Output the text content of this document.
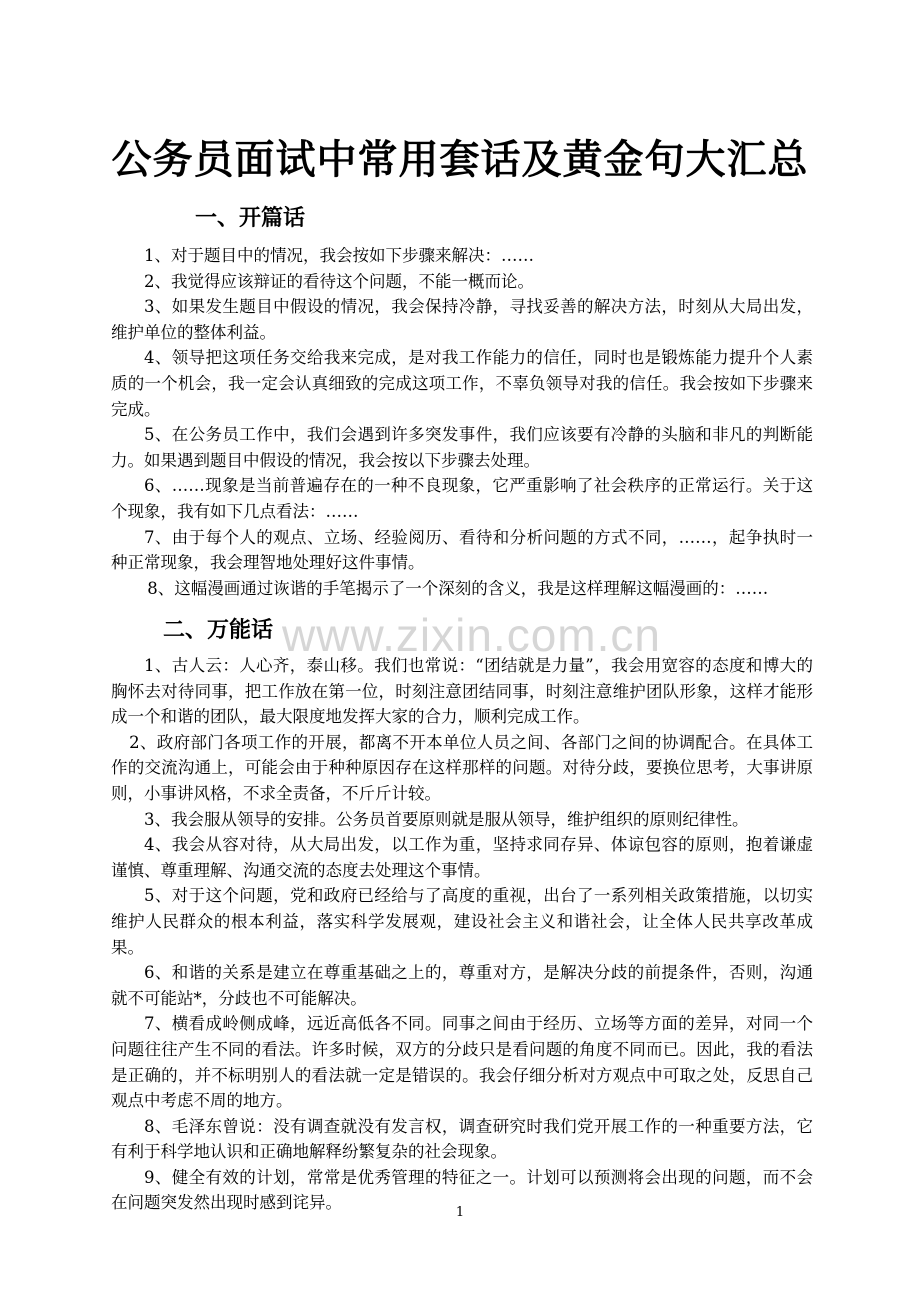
公务员面试中常用套话及黄金句大汇总
一、开篇话

1、对于题目中的情况，我会按如下步骤来解决：……

2、我觉得应该辩证的看待这个问题，不能一概而论。

3、如果发生题目中假设的情况，我会保持冷静，寻找妥善的解决方法，时刻从大局出发，维护单位的整体利益。

4、领导把这项任务交给我来完成，是对我工作能力的信任，同时也是锻炼能力提升个人素质的一个机会，我一定会认真细致的完成这项工作，不辜负领导对我的信任。我会按如下步骤来完成。

5、在公务员工作中，我们会遇到许多突发事件，我们应该要有冷静的头脑和非凡的判断能力。如果遇到题目中假设的情况，我会按以下步骤去处理。

6、……现象是当前普遍存在的一种不良现象，它严重影响了社会秩序的正常运行。关于这个现象，我有如下几点看法：……

7、由于每个人的观点、立场、经验阅历、看待和分析问题的方式不同，……，起争执时一种正常现象，我会理智地处理好这件事情。

8、这幅漫画通过诙谐的手笔揭示了一个深刻的含义，我是这样理解这幅漫画的：……

www.zixin.com.cn
二、万能话

1、古人云：人心齐，泰山移。我们也常说：“团结就是力量”，我会用宽容的态度和博大的胸怀去对待同事，把工作放在第一位，时刻注意团结同事，时刻注意维护团队形象，这样才能形成一个和谐的团队，最大限度地发挥大家的合力，顺利完成工作。

2、政府部门各项工作的开展，都离不开本单位人员之间、各部门之间的协调配合。在具体工作的交流沟通上，可能会由于种种原因存在这样那样的问题。对待分歧，要换位思考，大事讲原则，小事讲风格，不求全责备，不斤斤计较。

3、我会服从领导的安排。公务员首要原则就是服从领导，维护组织的原则纪律性。

4、我会从容对待，从大局出发，以工作为重，坚持求同存异、体谅包容的原则，抱着谦虚谨慎、尊重理解、沟通交流的态度去处理这个事情。

5、对于这个问题，党和政府已经给与了高度的重视，出台了一系列相关政策措施，以切实维护人民群众的根本利益，落实科学发展观，建设社会主义和谐社会，让全体人民共享改革成果。

6、和谐的关系是建立在尊重基础之上的，尊重对方，是解决分歧的前提条件，否则，沟通就不可能站*，分歧也不可能解决。

7、横看成岭侧成峰，远近高低各不同。同事之间由于经历、立场等方面的差异，对同一个问题往往产生不同的看法。许多时候，双方的分歧只是看问题的角度不同而已。因此，我的看法是正确的，并不标明别人的看法就一定是错误的。我会仔细分析对方观点中可取之处，反思自己观点中考虑不周的地方。

8、毛泽东曾说：没有调查就没有发言权，调查研究时我们党开展工作的一种重要方法，它有利于科学地认识和正确地解释纷繁复杂的社会现象。

9、健全有效的计划，常常是优秀管理的特征之一。计划可以预测将会出现的问题，而不会在问题突发然出现时感到诧异。

1
